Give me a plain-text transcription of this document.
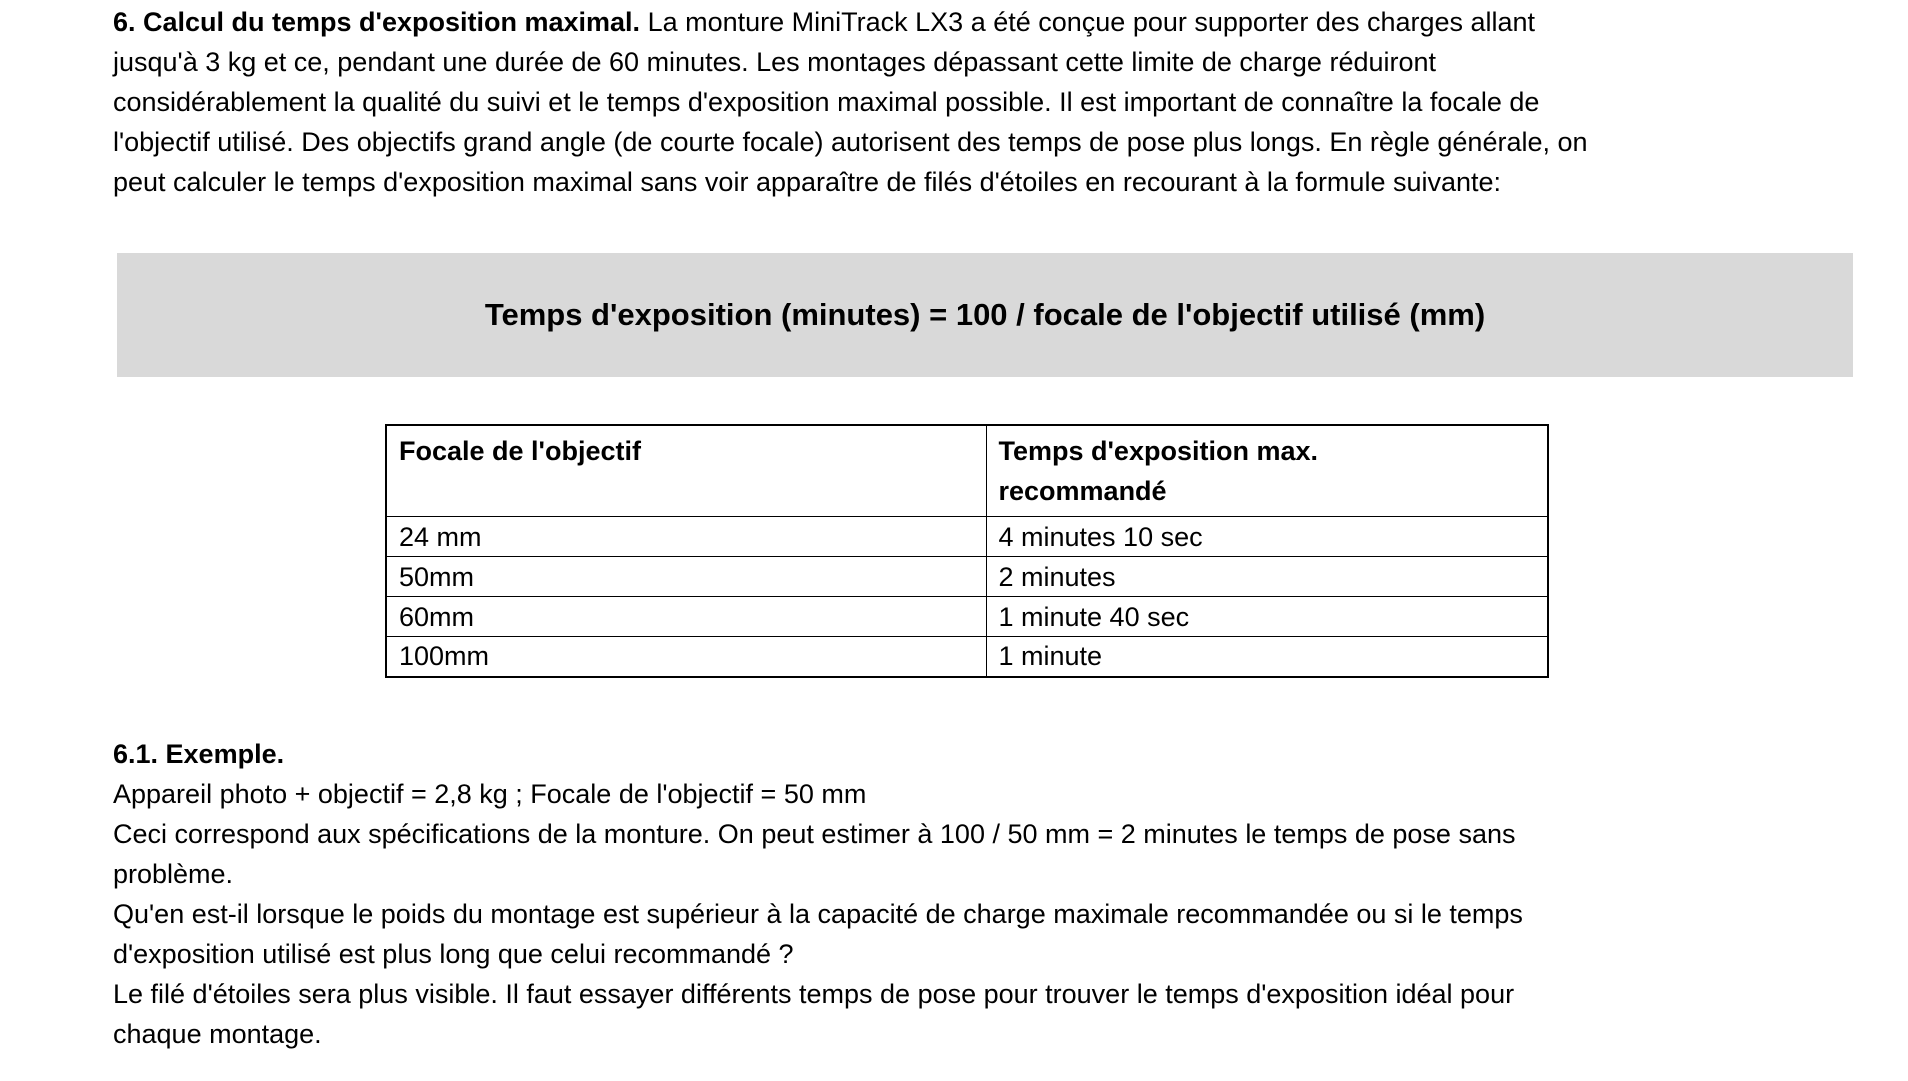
6. Calcul du temps d'exposition maximal. La monture MiniTrack LX3 a été conçue pour supporter des charges allant
jusqu'à 3 kg et ce, pendant une durée de 60 minutes. Les montages dépassant cette limite de charge réduiront
considérablement la qualité du suivi et le temps d'exposition maximal possible. Il est important de connaître la focale de
l'objectif utilisé. Des objectifs grand angle (de courte focale) autorisent des temps de pose plus longs. En règle générale, on
peut calculer le temps d'exposition maximal sans voir apparaître de filés d'étoiles en recourant à la formule suivante:
Temps d'exposition (minutes) = 100 / focale de l'objectif utilisé (mm)
Focale de l'objectif	Temps d'exposition max.
recommandé

24 mm	4 minutes 10 sec
50mm	2 minutes
60mm	1 minute 40 sec
100mm	1 minute
6.1. Exemple.
Appareil photo + objectif = 2,8 kg ; Focale de l'objectif = 50 mm
Ceci correspond aux spécifications de la monture. On peut estimer à 100 / 50 mm = 2 minutes le temps de pose sans
problème.
Qu'en est-il lorsque le poids du montage est supérieur à la capacité de charge maximale recommandée ou si le temps
d'exposition utilisé est plus long que celui recommandé ?
Le filé d'étoiles sera plus visible. Il faut essayer différents temps de pose pour trouver le temps d'exposition idéal pour
chaque montage.
